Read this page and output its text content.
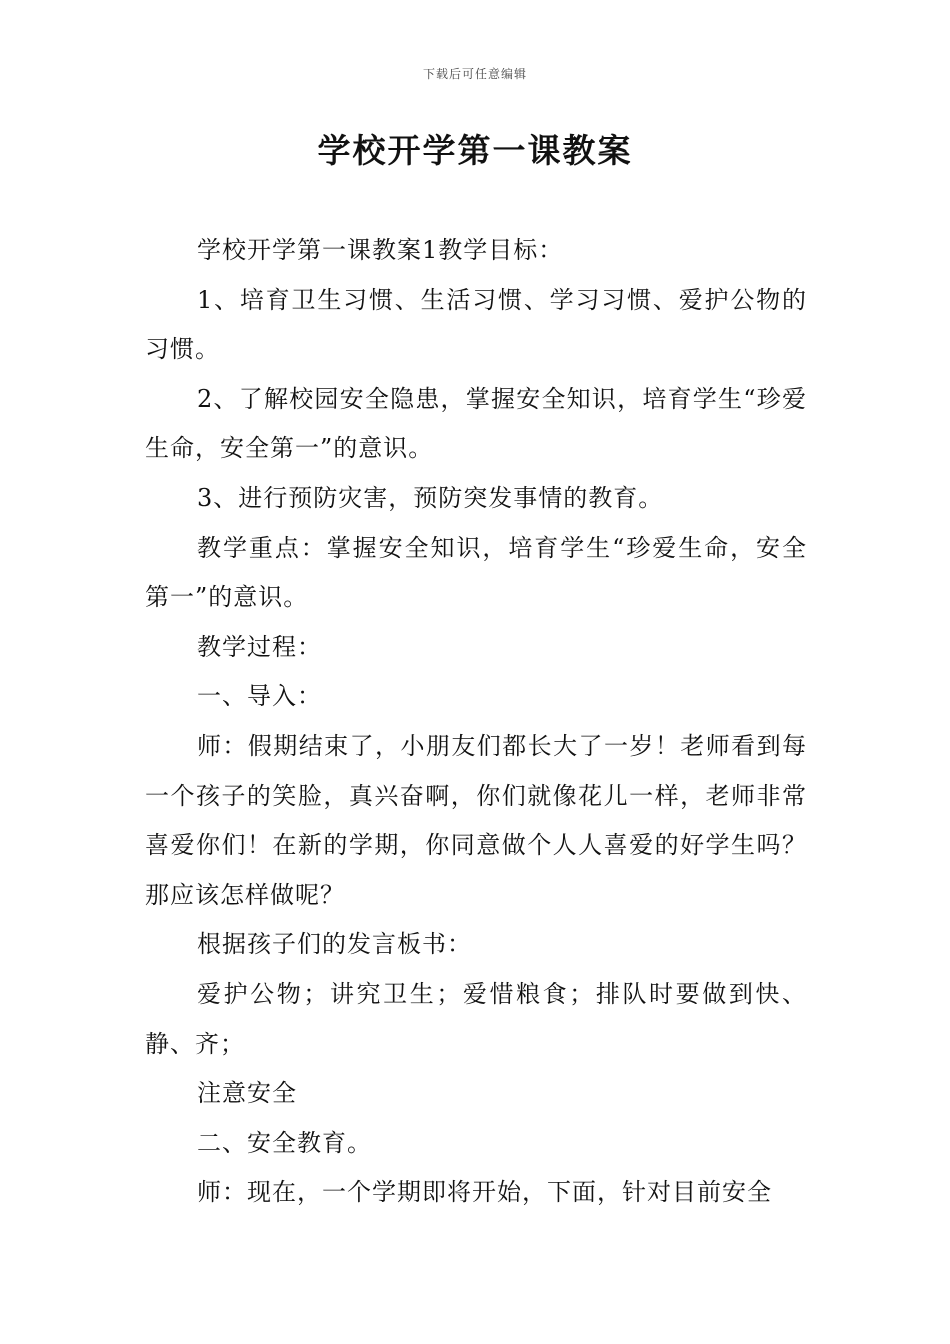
下载后可任意编辑
学校开学第一课教案

学校开学第一课教案1教学目标：

1、培育卫生习惯、生活习惯、学习习惯、爱护公物的习惯。

2、了解校园安全隐患，掌握安全知识，培育学生“珍爱生命，安全第一”的意识。

3、进行预防灾害，预防突发事情的教育。

教学重点：掌握安全知识，培育学生“珍爱生命，安全第一”的意识。

教学过程：

一、导入：

师：假期结束了，小朋友们都长大了一岁！老师看到每一个孩子的笑脸，真兴奋啊，你们就像花儿一样，老师非常喜爱你们！在新的学期，你同意做个人人喜爱的好学生吗？那应该怎样做呢？

根据孩子们的发言板书：

爱护公物；讲究卫生；爱惜粮食；排队时要做到快、静、齐；

注意安全

二、安全教育。

师：现在，一个学期即将开始，下面，针对目前安全
